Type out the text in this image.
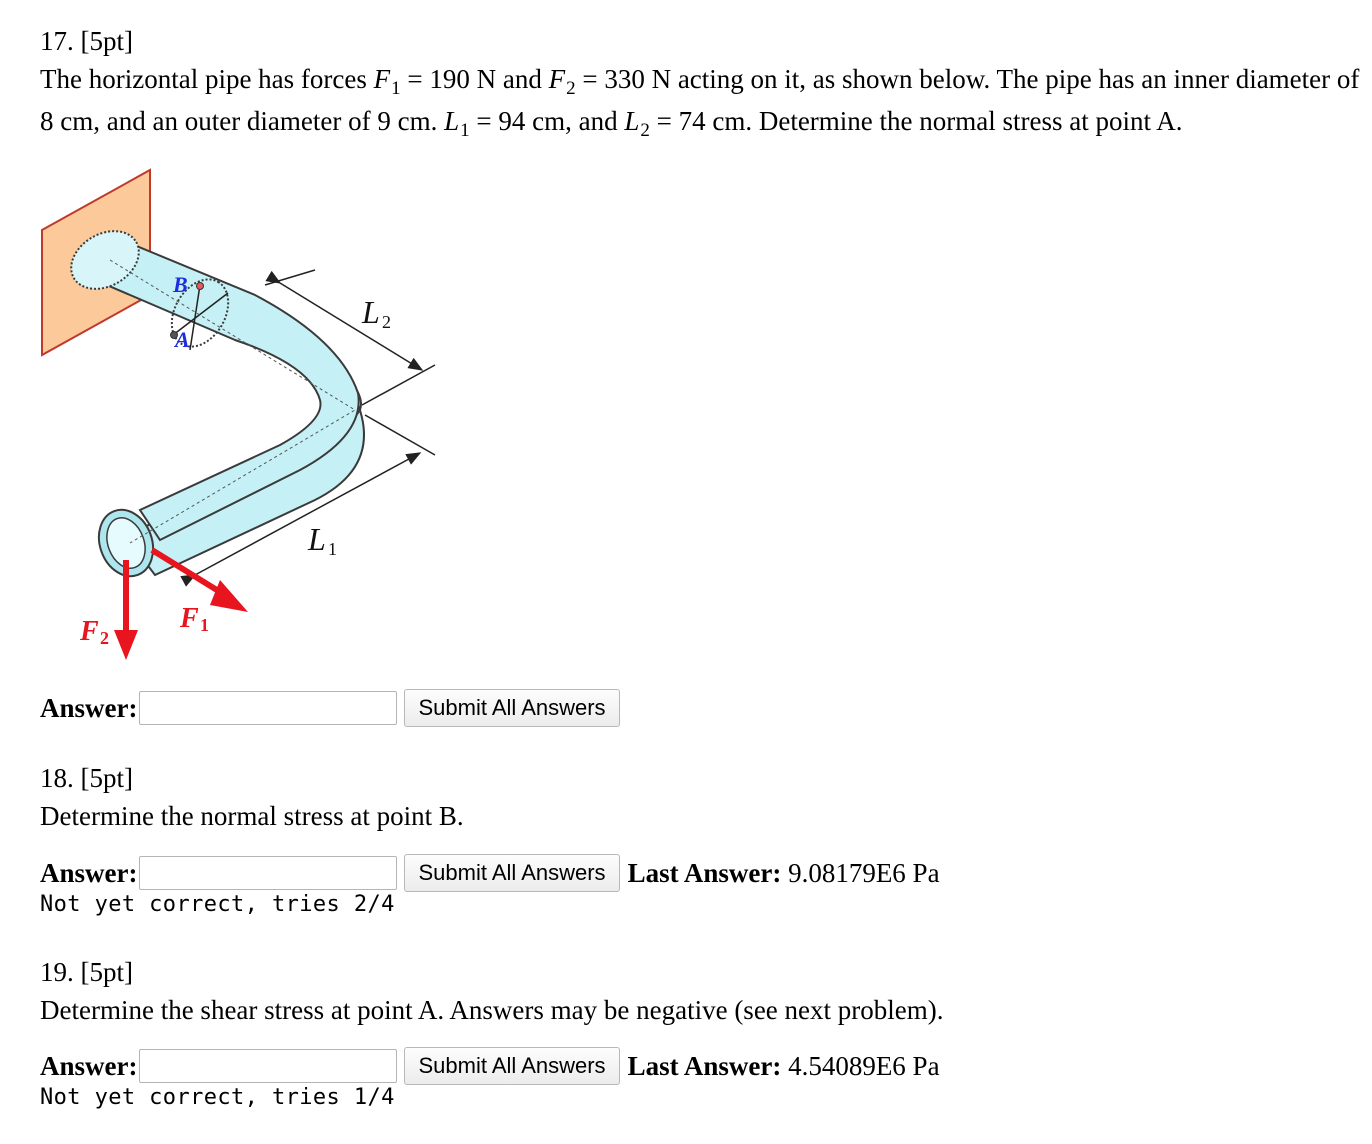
17. [5pt]
The horizontal pipe has forces $F_1 = 190$ N and $F_2 = 330$ N acting on it, as shown below. The pipe has an inner diameter of 8 cm, and an outer diameter of 9 cm. $L_1 = 94$ cm, and $L_2 = 74$ cm. Determine the normal stress at point A.
B
A
L 2
L 1
F 2
F 1
Answer:	Submit All Answers
18. [5pt]
Determine the normal stress at point B.
Answer:	Submit All Answers Last Answer: 9.08179E6 Pa
Not yet correct, tries 2/4
19. [5pt]
Determine the shear stress at point A. Answers may be negative (see next problem).
Answer:	Submit All Answers Last Answer: 4.54089E6 Pa
Not yet correct, tries 1/4
